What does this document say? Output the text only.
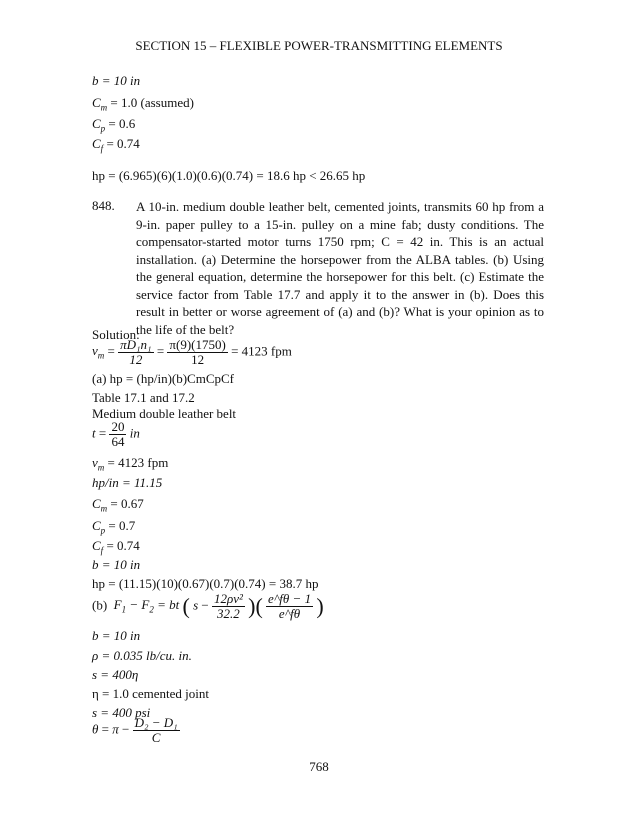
SECTION 15 – FLEXIBLE POWER-TRANSMITTING ELEMENTS
b = 10 in
$C_m = 1.0$ (assumed)
$C_p = 0.6$
$C_f = 0.74$
hp = (6.965)(6)(1.0)(0.6)(0.74) = 18.6 hp < 26.65 hp
848. A 10-in. medium double leather belt, cemented joints, transmits 60 hp from a 9-in. paper pulley to a 15-in. pulley on a mine fab; dusty conditions. The compensator-started motor turns 1750 rpm; C = 42 in. This is an actual installation. (a) Determine the horsepower from the ALBA tables. (b) Using the general equation, determine the horsepower for this belt. (c) Estimate the service factor from Table 17.7 and apply it to the answer in (b). Does this result in better or worse agreement of (a) and (b)? What is your opinion as to the life of the belt?
Solution:
$v_m = \frac{\text{πD₁n₁}}{12} = \frac{\pi(9)(1750)}{12} = 4123$ fpm
(a) hp = (hp/in)(b)CmCpCf
Table 17.1 and 17.2
Medium double leather belt
$t = \frac{20}{64}$ in
$v_m = 4123$ fpm
hp/in = 11.15
$C_m = 0.67$
$C_p = 0.7$
$C_f = 0.74$
b = 10 in
hp = (11.15)(10)(0.67)(0.7)(0.74) = 38.7 hp
(b) $F_1 - F_2$ = bt ( $s - \frac{\text{12ρv²}}{32.2}$ )( $\frac{e\^{}f\theta - 1}{e\^{}f\theta}$ )
b = 10 in
ρ = 0.035 lb/cu. in.
s = 400η
η = 1.0 cemented joint
s = 400 psi
$\theta = \pi - \frac{\text{D₂ − D₁}}{C}$
768
